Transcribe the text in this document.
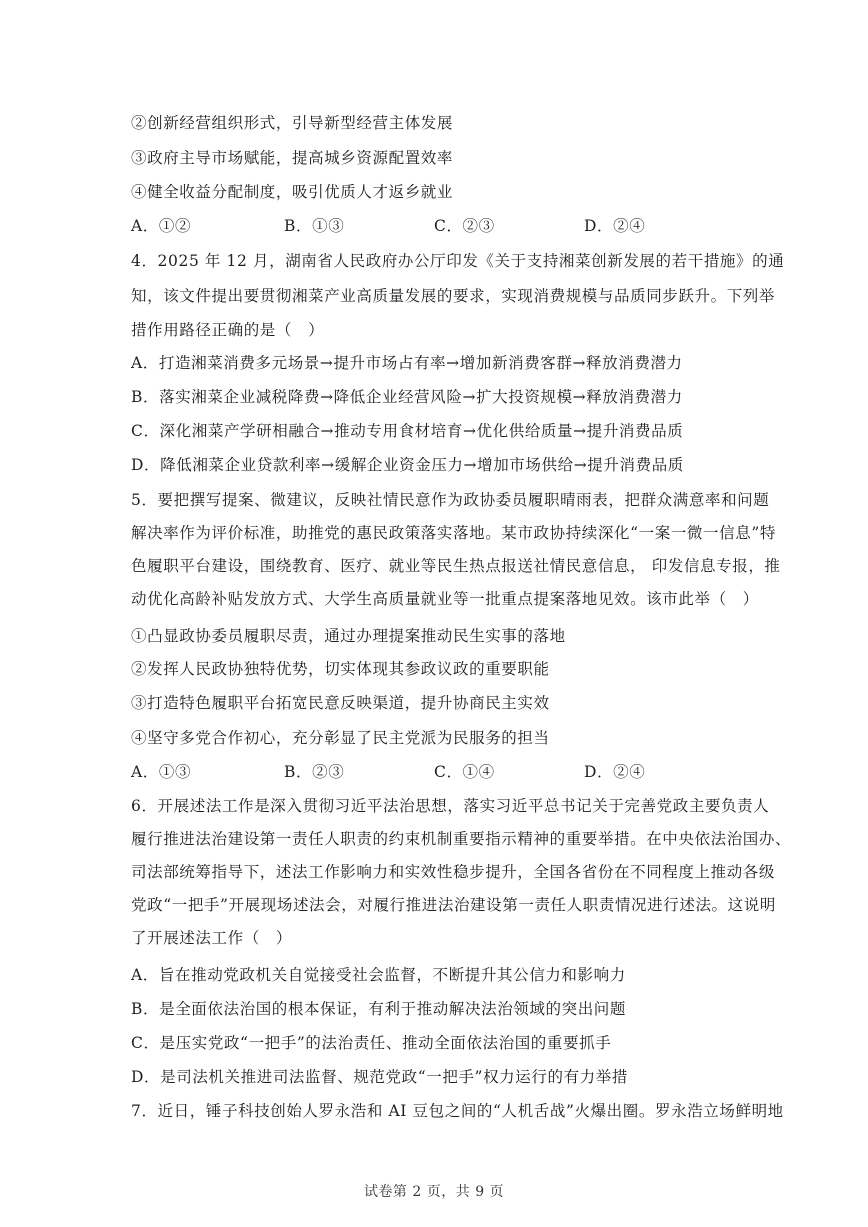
②创新经营组织形式，引导新型经营主体发展
③政府主导市场赋能，提高城乡资源配置效率
④健全收益分配制度，吸引优质人才返乡就业
A．①②	B．①③	C．②③	D．②④
4．2025 年 12 月，湖南省人民政府办公厅印发《关于支持湘菜创新发展的若干措施》的通
知，该文件提出要贯彻湘菜产业高质量发展的要求，实现消费规模与品质同步跃升。下列举
措作用路径正确的是（　）
A．打造湘菜消费多元场景→提升市场占有率→增加新消费客群→释放消费潜力
B．落实湘菜企业减税降费→降低企业经营风险→扩大投资规模→释放消费潜力
C．深化湘菜产学研相融合→推动专用食材培育→优化供给质量→提升消费品质
D．降低湘菜企业贷款利率→缓解企业资金压力→增加市场供给→提升消费品质
5．要把撰写提案、微建议，反映社情民意作为政协委员履职晴雨表，把群众满意率和问题
解决率作为评价标准，助推党的惠民政策落实落地。某市政协持续深化“一案一微一信息”特
色履职平台建设，围绕教育、医疗、就业等民生热点报送社情民意信息， 印发信息专报，推
动优化高龄补贴发放方式、大学生高质量就业等一批重点提案落地见效。该市此举（　）
①凸显政协委员履职尽责，通过办理提案推动民生实事的落地
②发挥人民政协独特优势，切实体现其参政议政的重要职能
③打造特色履职平台拓宽民意反映渠道，提升协商民主实效
④坚守多党合作初心，充分彰显了民主党派为民服务的担当
A．①③	B．②③	C．①④	D．②④
6．开展述法工作是深入贯彻习近平法治思想，落实习近平总书记关于完善党政主要负责人
履行推进法治建设第一责任人职责的约束机制重要指示精神的重要举措。在中央依法治国办、
司法部统筹指导下，述法工作影响力和实效性稳步提升，全国各省份在不同程度上推动各级
党政“一把手”开展现场述法会，对履行推进法治建设第一责任人职责情况进行述法。这说明
了开展述法工作（　）
A．旨在推动党政机关自觉接受社会监督，不断提升其公信力和影响力
B．是全面依法治国的根本保证，有利于推动解决法治领域的突出问题
C．是压实党政“一把手”的法治责任、推动全面依法治国的重要抓手
D．是司法机关推进司法监督、规范党政“一把手”权力运行的有力举措
7．近日，锤子科技创始人罗永浩和 AI 豆包之间的“人机舌战”火爆出圈。罗永浩立场鲜明地
试卷第 2 页，共 9 页
